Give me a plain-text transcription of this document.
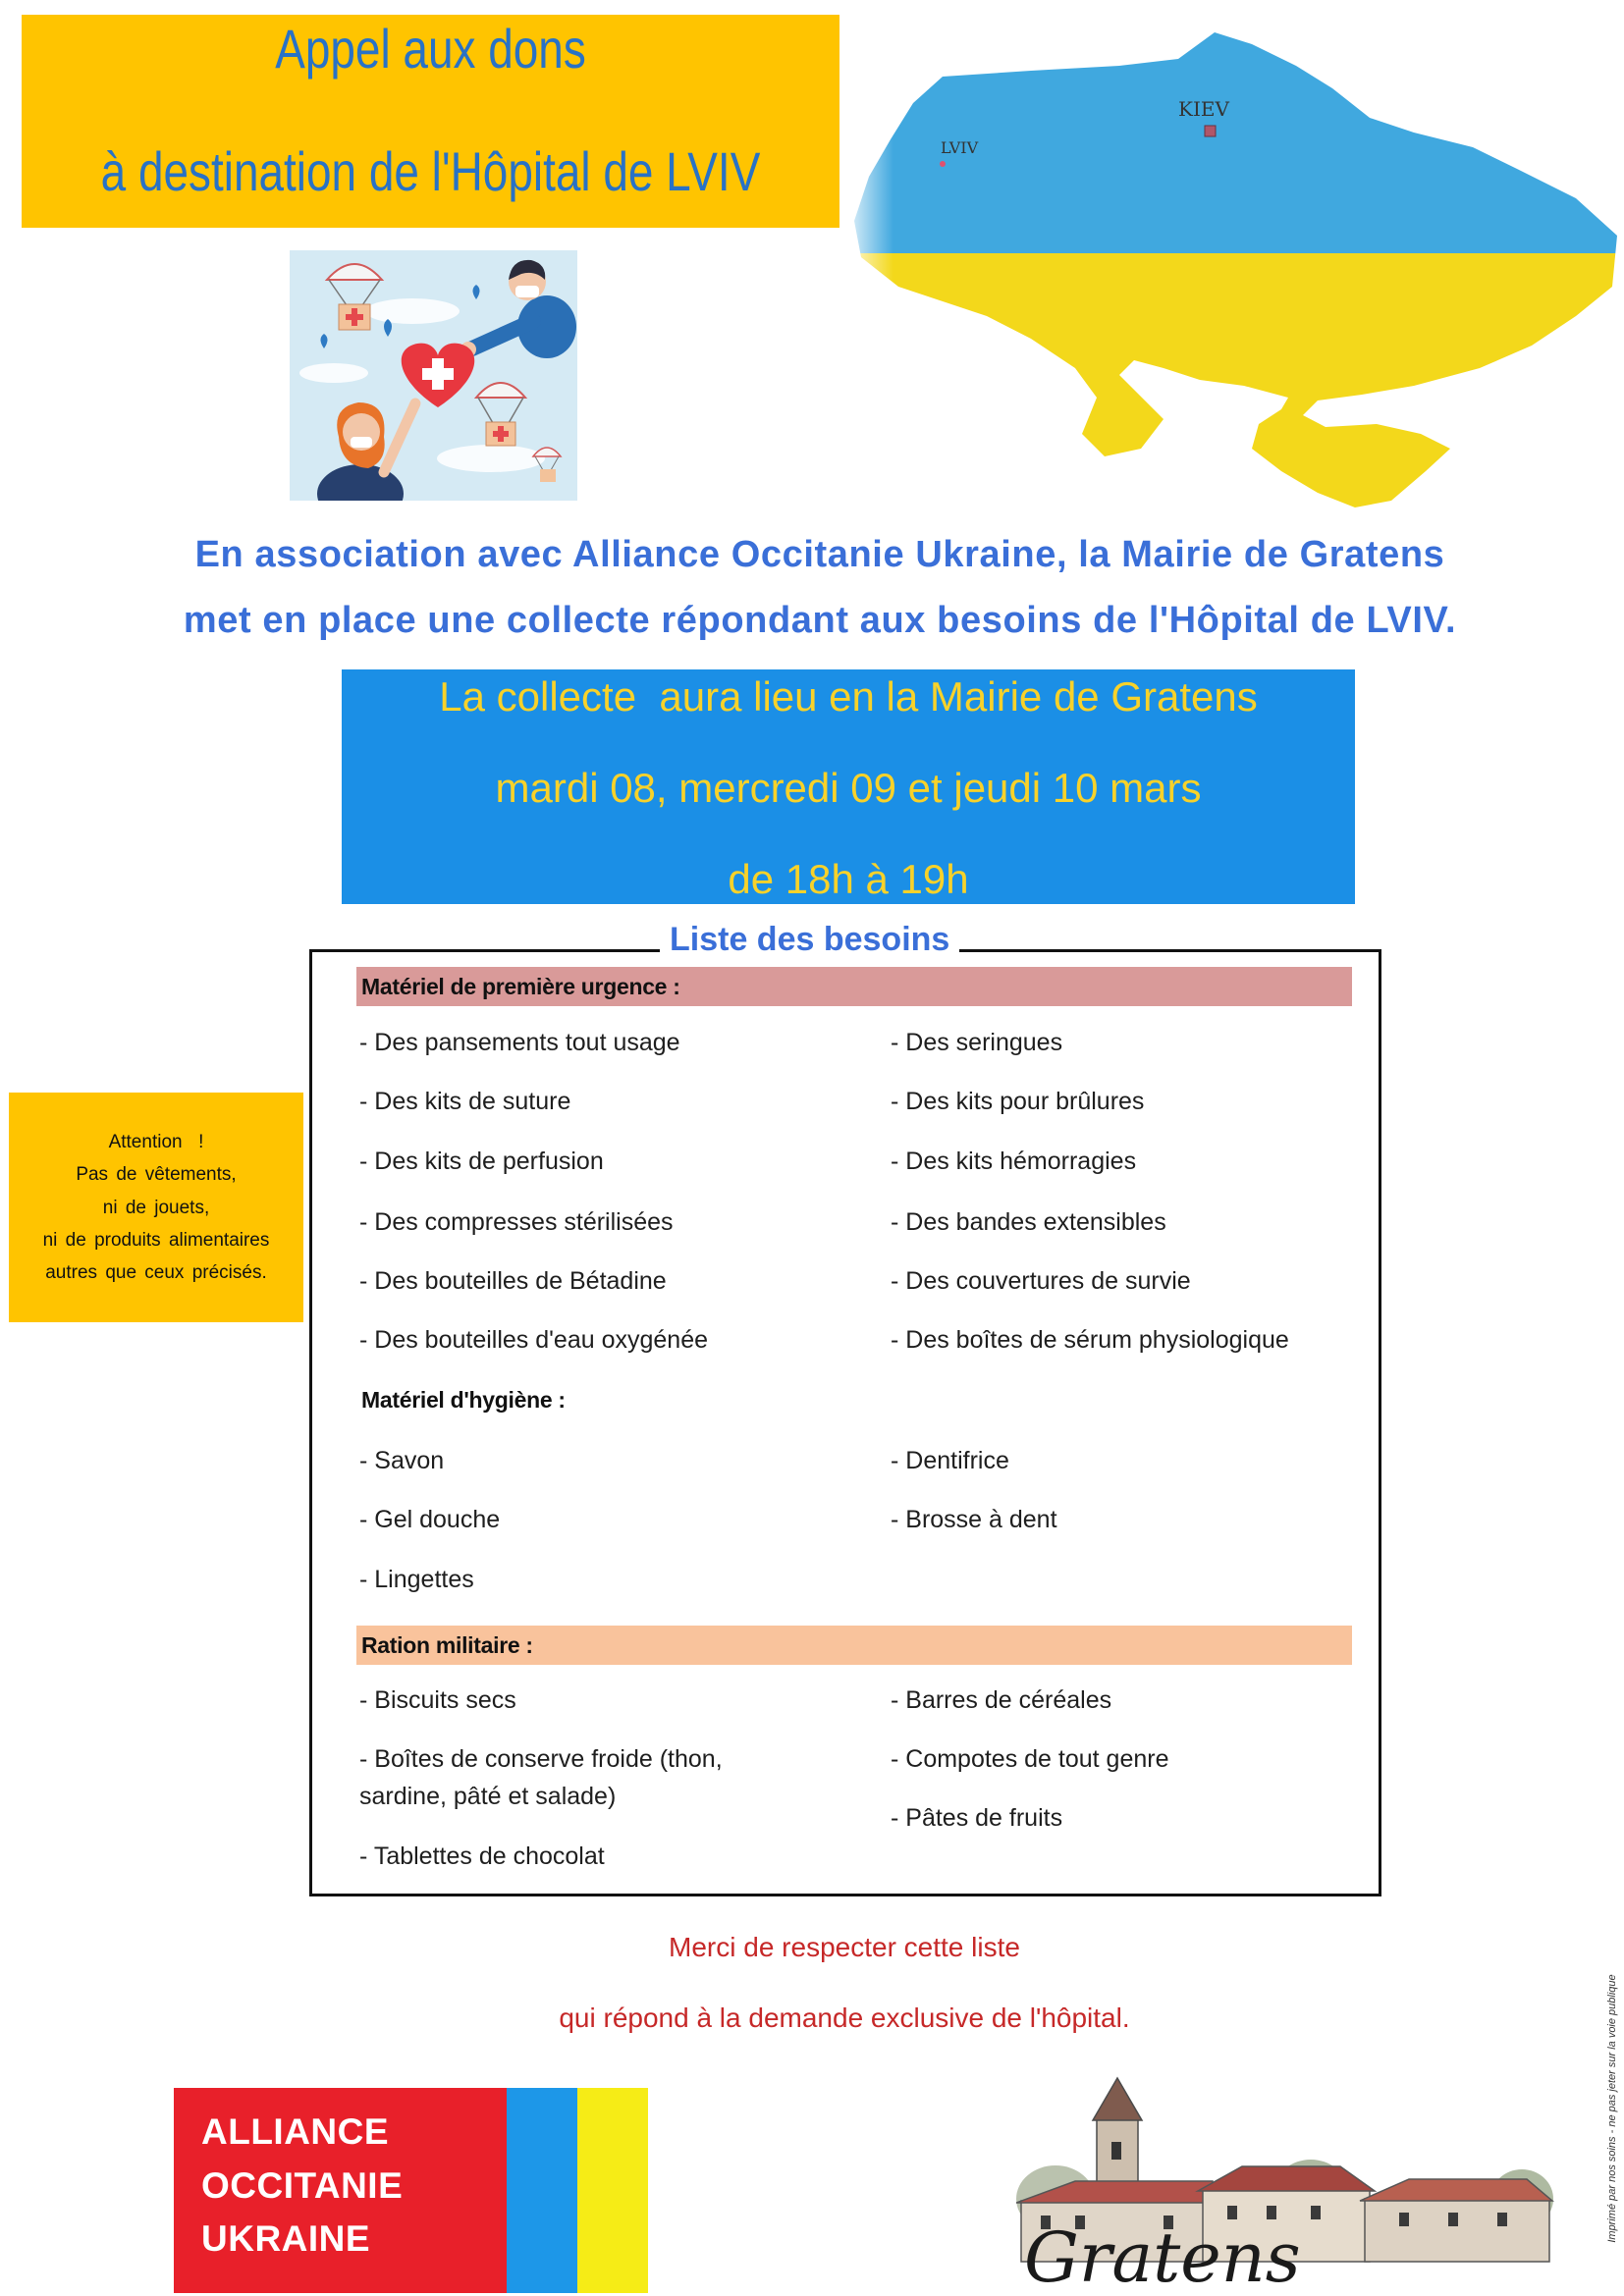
Appel aux dons
à destination de l'Hôpital de LVIV
KIEV
LVIV
En association avec Alliance Occitanie Ukraine, la Mairie de Gratens
met en place une collecte répondant aux besoins de l'Hôpital de LVIV.
La collecte  aura lieu en la Mairie de Gratens
mardi 08, mercredi 09 et jeudi 10 mars
de 18h à 19h
Attention  !
Pas de vêtements,
ni de jouets,
ni de produits alimentaires
autres que ceux précisés.
Liste des besoins
Matériel de première urgence :
- Des pansements tout usage
- Des kits de suture
- Des kits de perfusion
- Des compresses stérilisées
- Des bouteilles de Bétadine
- Des bouteilles d'eau oxygénée
- Des seringues
- Des kits pour brûlures
- Des kits hémorragies
- Des bandes extensibles
- Des couvertures de survie
- Des boîtes de sérum physiologique
Matériel d'hygiène :
- Savon
- Gel douche
- Lingettes
- Dentifrice
- Brosse à dent
Ration militaire :
- Biscuits secs
- Boîtes de conserve froide (thon, sardine, pâté et salade)
- Tablettes de chocolat
- Barres de céréales
- Compotes de tout genre
- Pâtes de fruits
Merci de respecter cette liste
qui répond à la demande exclusive de l'hôpital.	Imprimé par nos soins - ne pas jeter sur la voie publique
ALLIANCE
OCCITANIE
UKRAINE	Gratens
